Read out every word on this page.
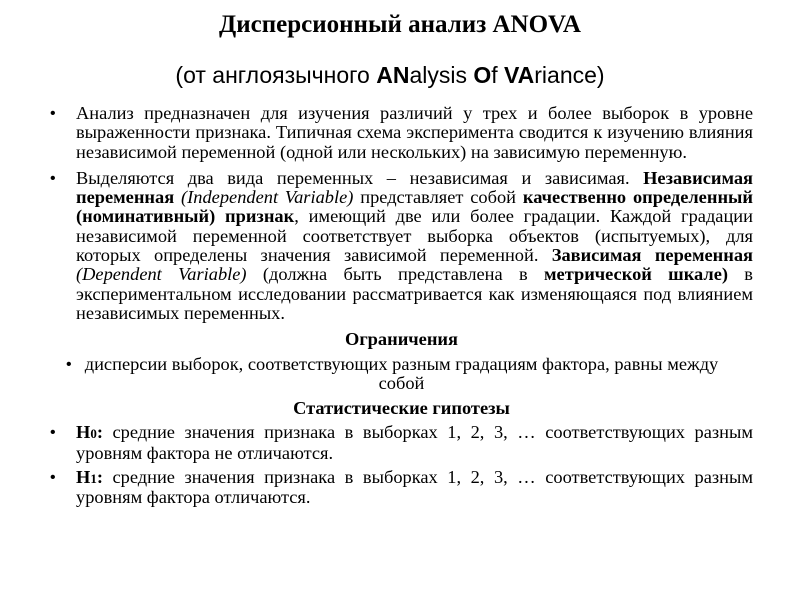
Дисперсионный анализ ANOVA
(от англоязычного ANalysis Of VAriance)

•	Анализ предназначен для изучения различий у трех и более выборок в уровне выраженности признака. Типичная схема эксперимента сводится к изучению влияния независимой переменной (одной или нескольких) на зависимую переменную.

•	Выделяются два вида переменных – независимая и зависимая. Независимая переменная (Independent Variable) представляет собой качественно определенный (номинативный) признак, имеющий две или более градации. Каждой градации независимой переменной соответствует выборка объектов (испытуемых), для которых определены значения зависимой переменной. Зависимая переменная (Dependent Variable) (должна быть представлена в метрической шкале) в экспериментальном исследовании рассматривается как изменяющаяся под влиянием независимых переменных.

Ограничения
• дисперсии выборок, соответствующих разным градациям фактора, равны между собой
Статистические гипотезы

•	H0: средние значения признака в выборках 1, 2, 3, … соответствующих разным уровням фактора не отличаются.

•	H1: средние значения признака в выборках 1, 2, 3, … соответствующих разным уровням фактора отличаются.
